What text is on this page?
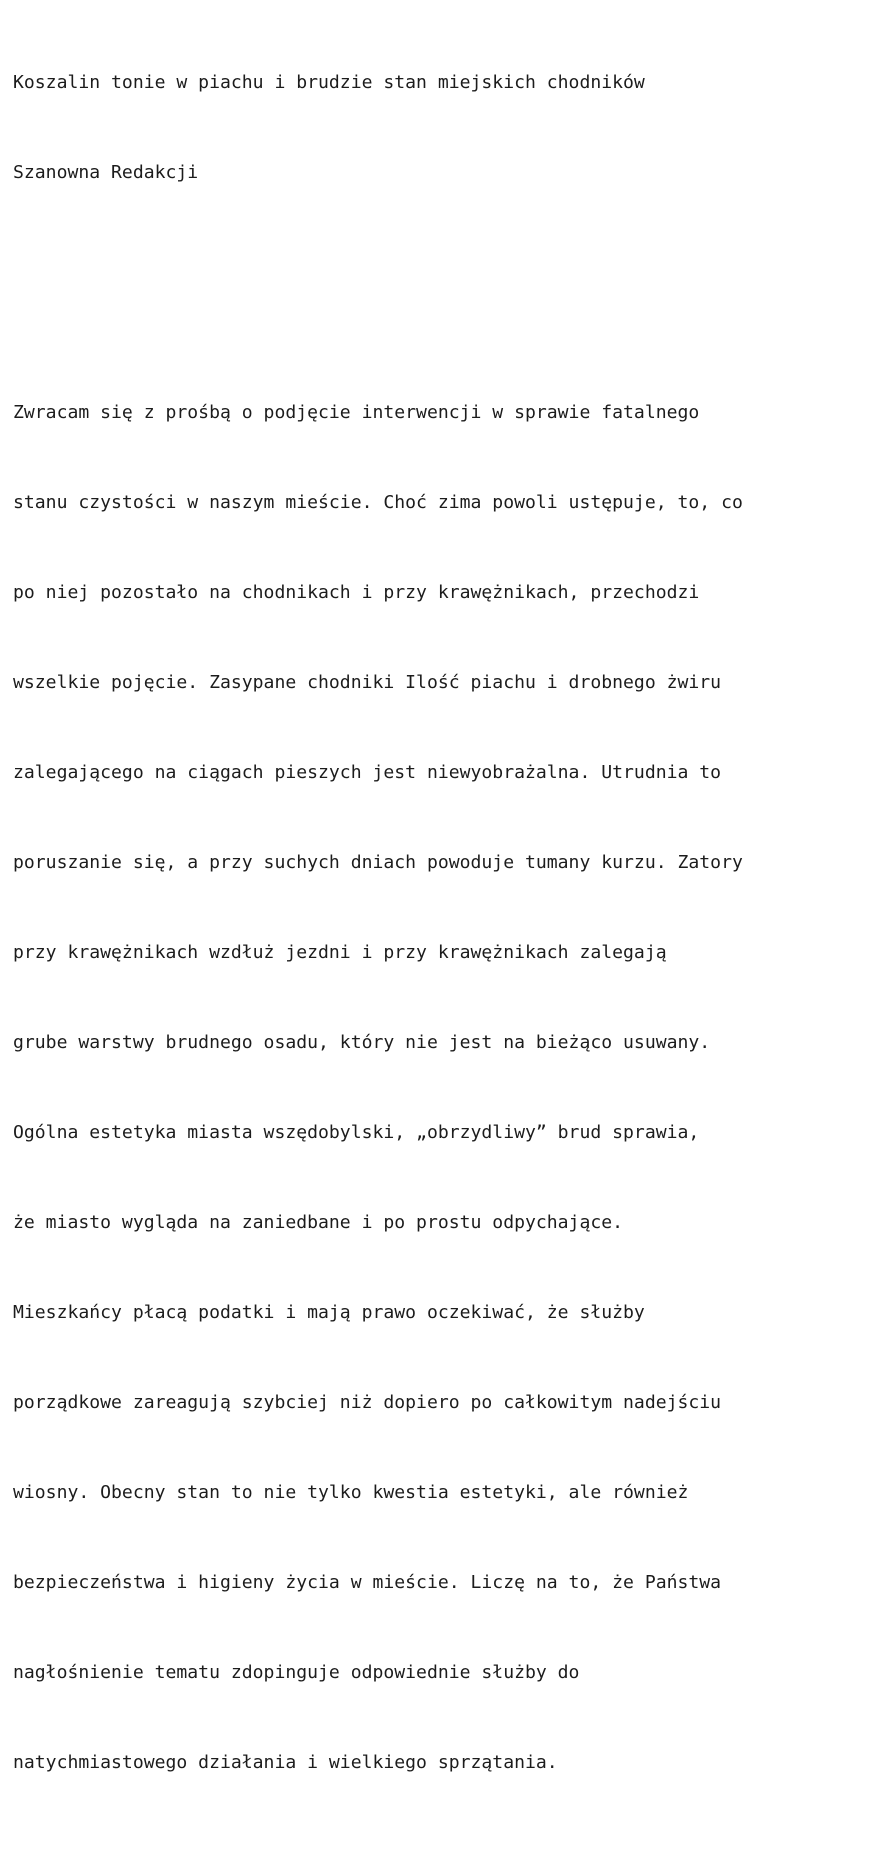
Koszalin tonie w piachu i brudzie stan miejskich chodników

Szanowna Redakcji

Zwracam się z prośbą o podjęcie interwencji w sprawie fatalnego

stanu czystości w naszym mieście. Choć zima powoli ustępuje, to, co

po niej pozostało na chodnikach i przy krawężnikach, przechodzi

wszelkie pojęcie. Zasypane chodniki Ilość piachu i drobnego żwiru

zalegającego na ciągach pieszych jest niewyobrażalna. Utrudnia to

poruszanie się, a przy suchych dniach powoduje tumany kurzu. Zatory

przy krawężnikach wzdłuż jezdni i przy krawężnikach zalegają

grube warstwy brudnego osadu, który nie jest na bieżąco usuwany.

Ogólna estetyka miasta wszędobylski, „obrzydliwy” brud sprawia,

że miasto wygląda na zaniedbane i po prostu odpychające.

Mieszkańcy płacą podatki i mają prawo oczekiwać, że służby

porządkowe zareagują szybciej niż dopiero po całkowitym nadejściu

wiosny. Obecny stan to nie tylko kwestia estetyki, ale również

bezpieczeństwa i higieny życia w mieście. Liczę na to, że Państwa

nagłośnienie tematu zdopinguje odpowiednie służby do

natychmiastowego działania i wielkiego sprzątania.
